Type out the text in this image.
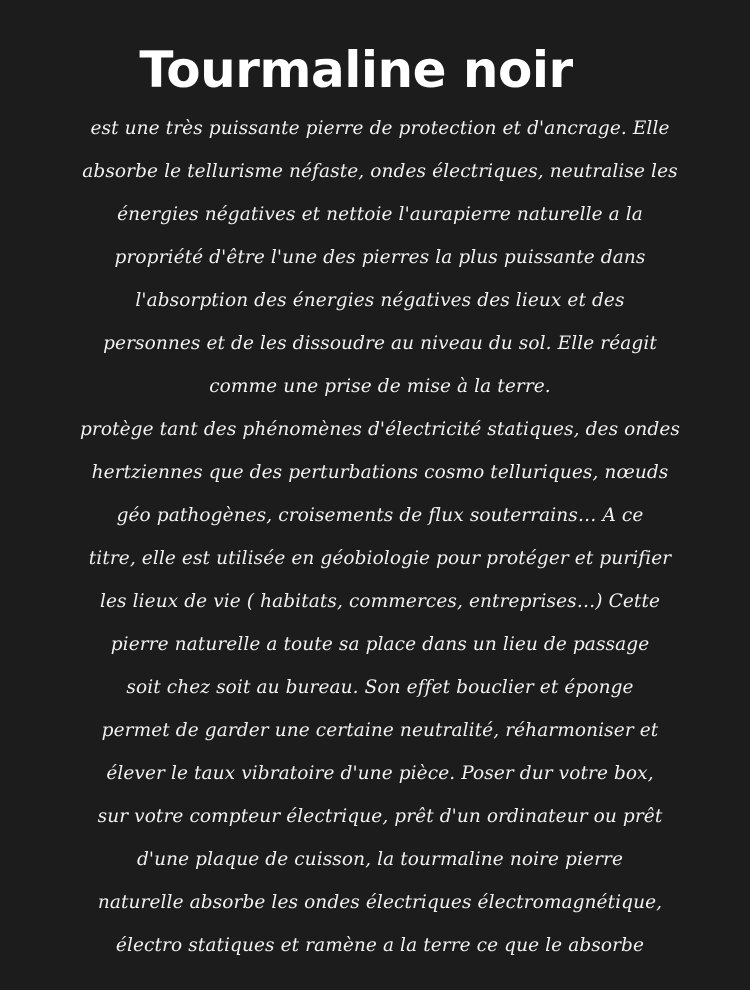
Tourmaline noir
est une très puissante pierre de protection et d'ancrage. Elle
absorbe le tellurisme néfaste, ondes électriques, neutralise les
énergies négatives et nettoie l'aurapierre naturelle a la
propriété d'être l'une des pierres la plus puissante dans
l'absorption des énergies négatives des lieux et des
personnes et de les dissoudre au niveau du sol. Elle réagit
comme une prise de mise à la terre.
protège tant des phénomènes d'électricité statiques, des ondes
hertziennes que des perturbations cosmo telluriques, nœuds
géo pathogènes, croisements de flux souterrains… A ce
titre, elle est utilisée en géobiologie pour protéger et purifier
les lieux de vie ( habitats, commerces, entreprises…) Cette
pierre naturelle a toute sa place dans un lieu de passage
soit chez soit au bureau. Son effet bouclier et éponge
permet de garder une certaine neutralité, réharmoniser et
élever le taux vibratoire d'une pièce. Poser dur votre box,
sur votre compteur électrique, prêt d'un ordinateur ou prêt
d'une plaque de cuisson, la tourmaline noire pierre
naturelle absorbe les ondes électriques électromagnétique,
électro statiques et ramène a la terre ce que le absorbe
